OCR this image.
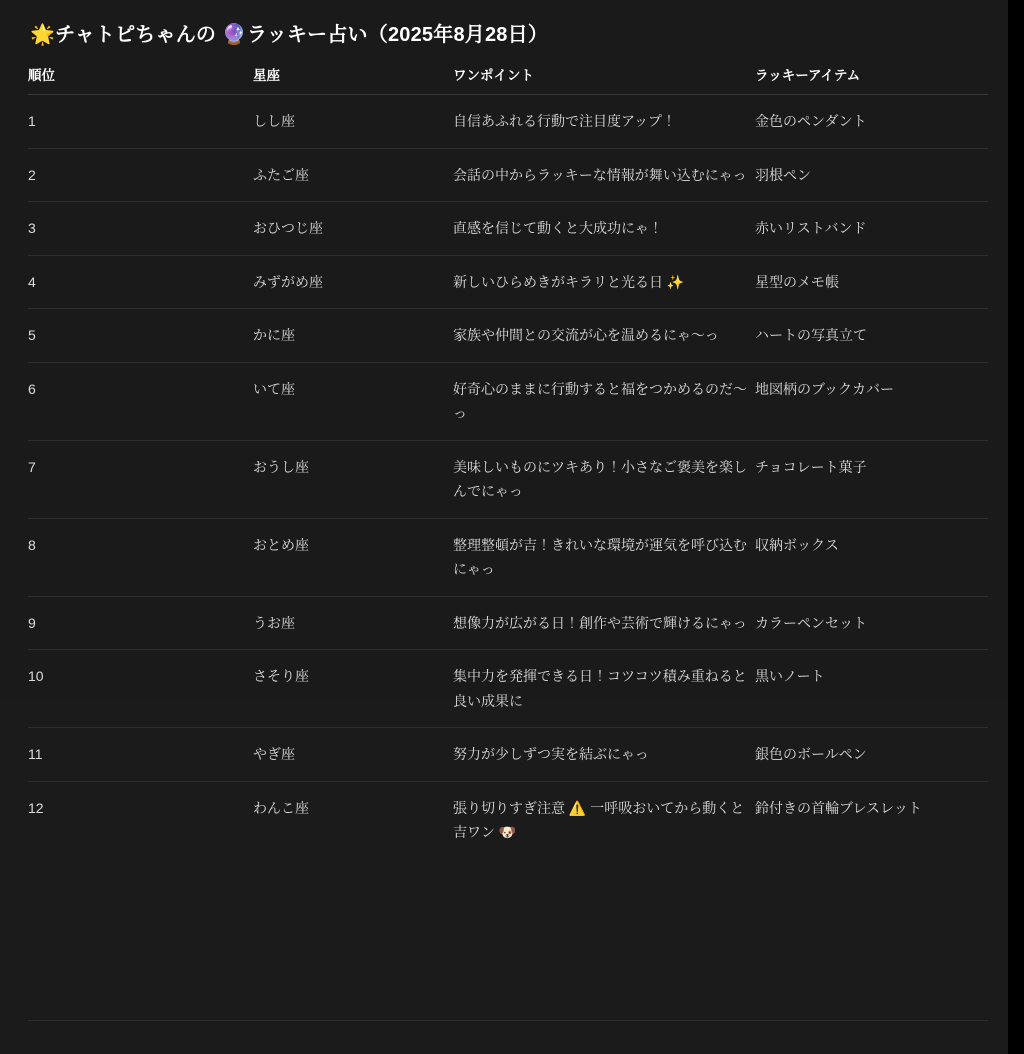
🌟チャトピちゃんの 🔮ラッキー占い（2025年8月28日）
順位	星座	ワンポイント	ラッキーアイテム
1	しし座	自信あふれる行動で注目度アップ！	金色のペンダント
2	ふたご座	会話の中からラッキーな情報が舞い込むにゃっ	羽根ペン
3	おひつじ座	直感を信じて動くと大成功にゃ！	赤いリストバンド
4	みずがめ座	新しいひらめきがキラリと光る日 ✨	星型のメモ帳
5	かに座	家族や仲間との交流が心を温めるにゃ〜っ	ハートの写真立て
6	いて座	好奇心のままに行動すると福をつかめるのだ〜っ	地図柄のブックカバー
7	おうし座	美味しいものにツキあり！小さなご褒美を楽しんでにゃっ	チョコレート菓子
8	おとめ座	整理整頓が吉！きれいな環境が運気を呼び込むにゃっ	収納ボックス
9	うお座	想像力が広がる日！創作や芸術で輝けるにゃっ	カラーペンセット
10	さそり座	集中力を発揮できる日！コツコツ積み重ねると良い成果に	黒いノート
11	やぎ座	努力が少しずつ実を結ぶにゃっ	銀色のボールペン
12	わんこ座	張り切りすぎ注意 ⚠️ 一呼吸おいてから動くと吉ワン 🐶	鈴付きの首輪ブレスレット
